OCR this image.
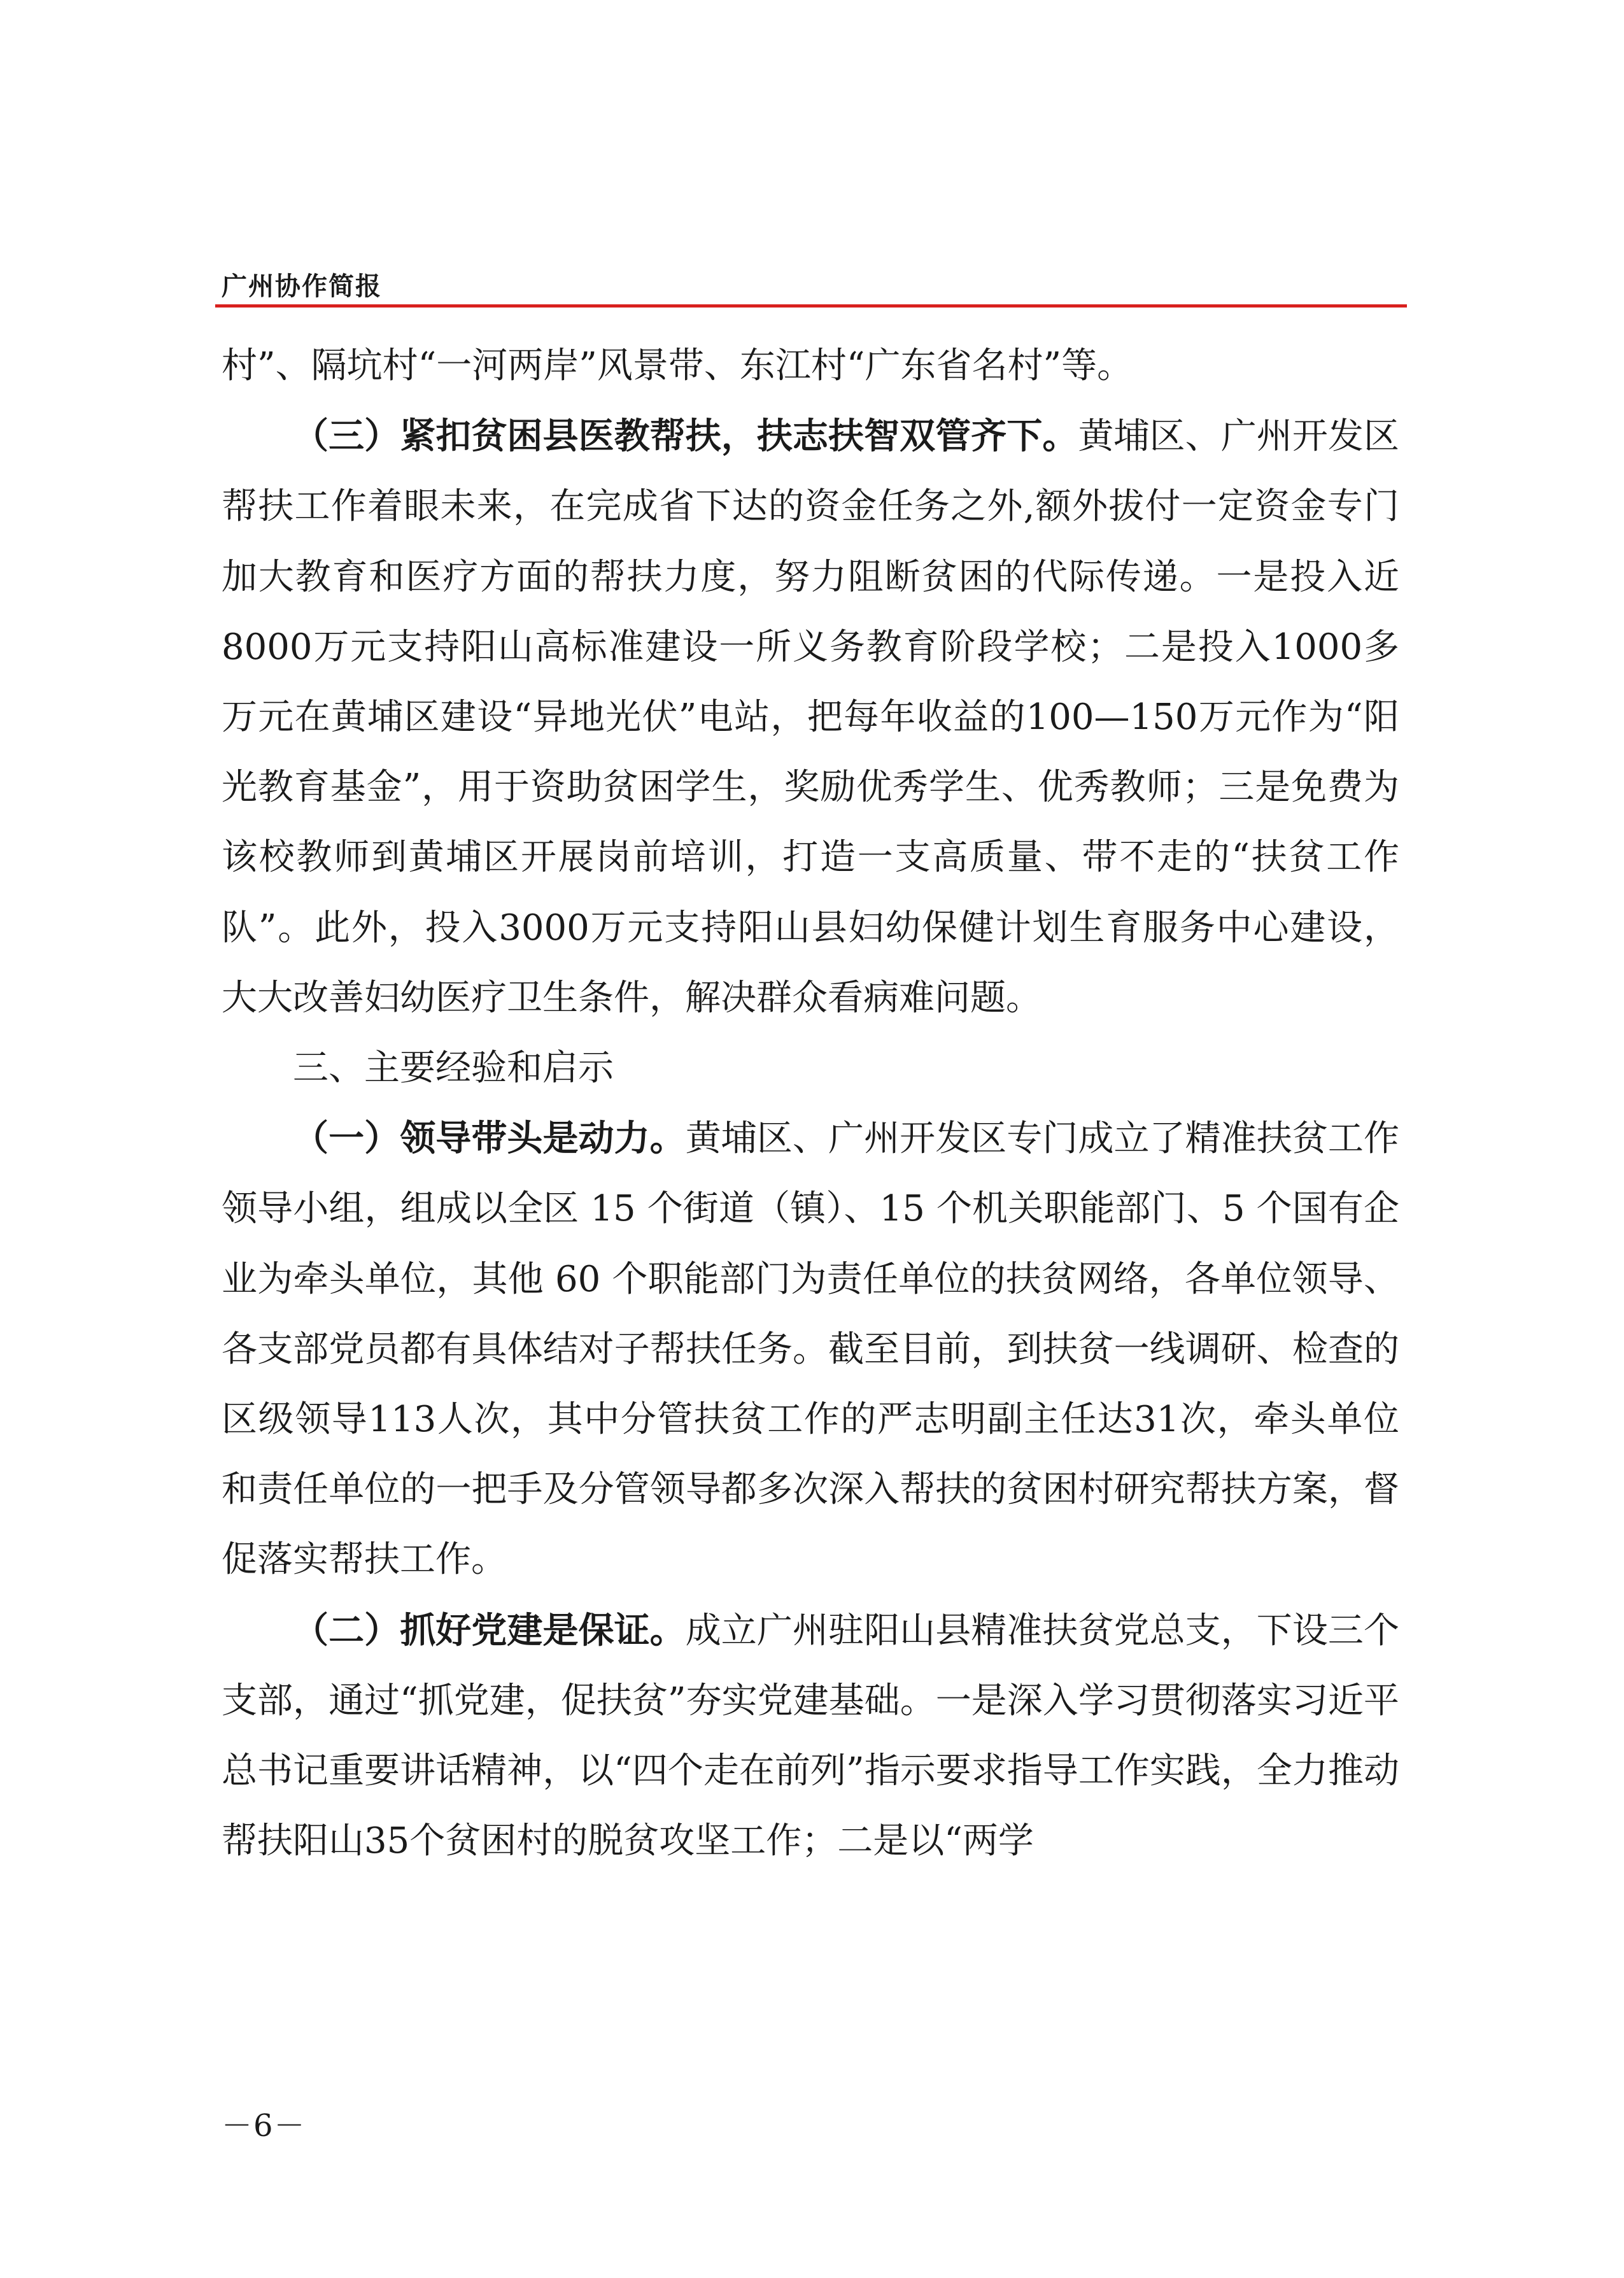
广州协作简报

村”、隔坑村“一河两岸”风景带、东江村“广东省名村”等。

（三）紧扣贫困县医教帮扶，扶志扶智双管齐下。黄埔区、广州开发区帮扶工作着眼未来，在完成省下达的资金任务之外,额外拔付一定资金专门加大教育和医疗方面的帮扶力度，努力阻断贫困的代际传递。一是投入近8000万元支持阳山高标准建设一所义务教育阶段学校；二是投入1000多万元在黄埔区建设“异地光伏”电站，把每年收益的100—150万元作为“阳光教育基金”，用于资助贫困学生，奖励优秀学生、优秀教师；三是免费为该校教师到黄埔区开展岗前培训，打造一支高质量、带不走的“扶贫工作队”。此外，投入3000万元支持阳山县妇幼保健计划生育服务中心建设，大大改善妇幼医疗卫生条件，解决群众看病难问题。

三、主要经验和启示

（一）领导带头是动力。黄埔区、广州开发区专门成立了精准扶贫工作领导小组，组成以全区 15 个街道（镇）、15 个机关职能部门、5 个国有企业为牵头单位，其他 60 个职能部门为责任单位的扶贫网络，各单位领导、各支部党员都有具体结对子帮扶任务。截至目前，到扶贫一线调研、检查的区级领导113人次，其中分管扶贫工作的严志明副主任达31次，牵头单位和责任单位的一把手及分管领导都多次深入帮扶的贫困村研究帮扶方案，督促落实帮扶工作。

（二）抓好党建是保证。成立广州驻阳山县精准扶贫党总支，下设三个支部，通过“抓党建，促扶贫”夯实党建基础。一是深入学习贯彻落实习近平总书记重要讲话精神，以“四个走在前列”指示要求指导工作实践，全力推动帮扶阳山35个贫困村的脱贫攻坚工作；二是以“两学

－6－
